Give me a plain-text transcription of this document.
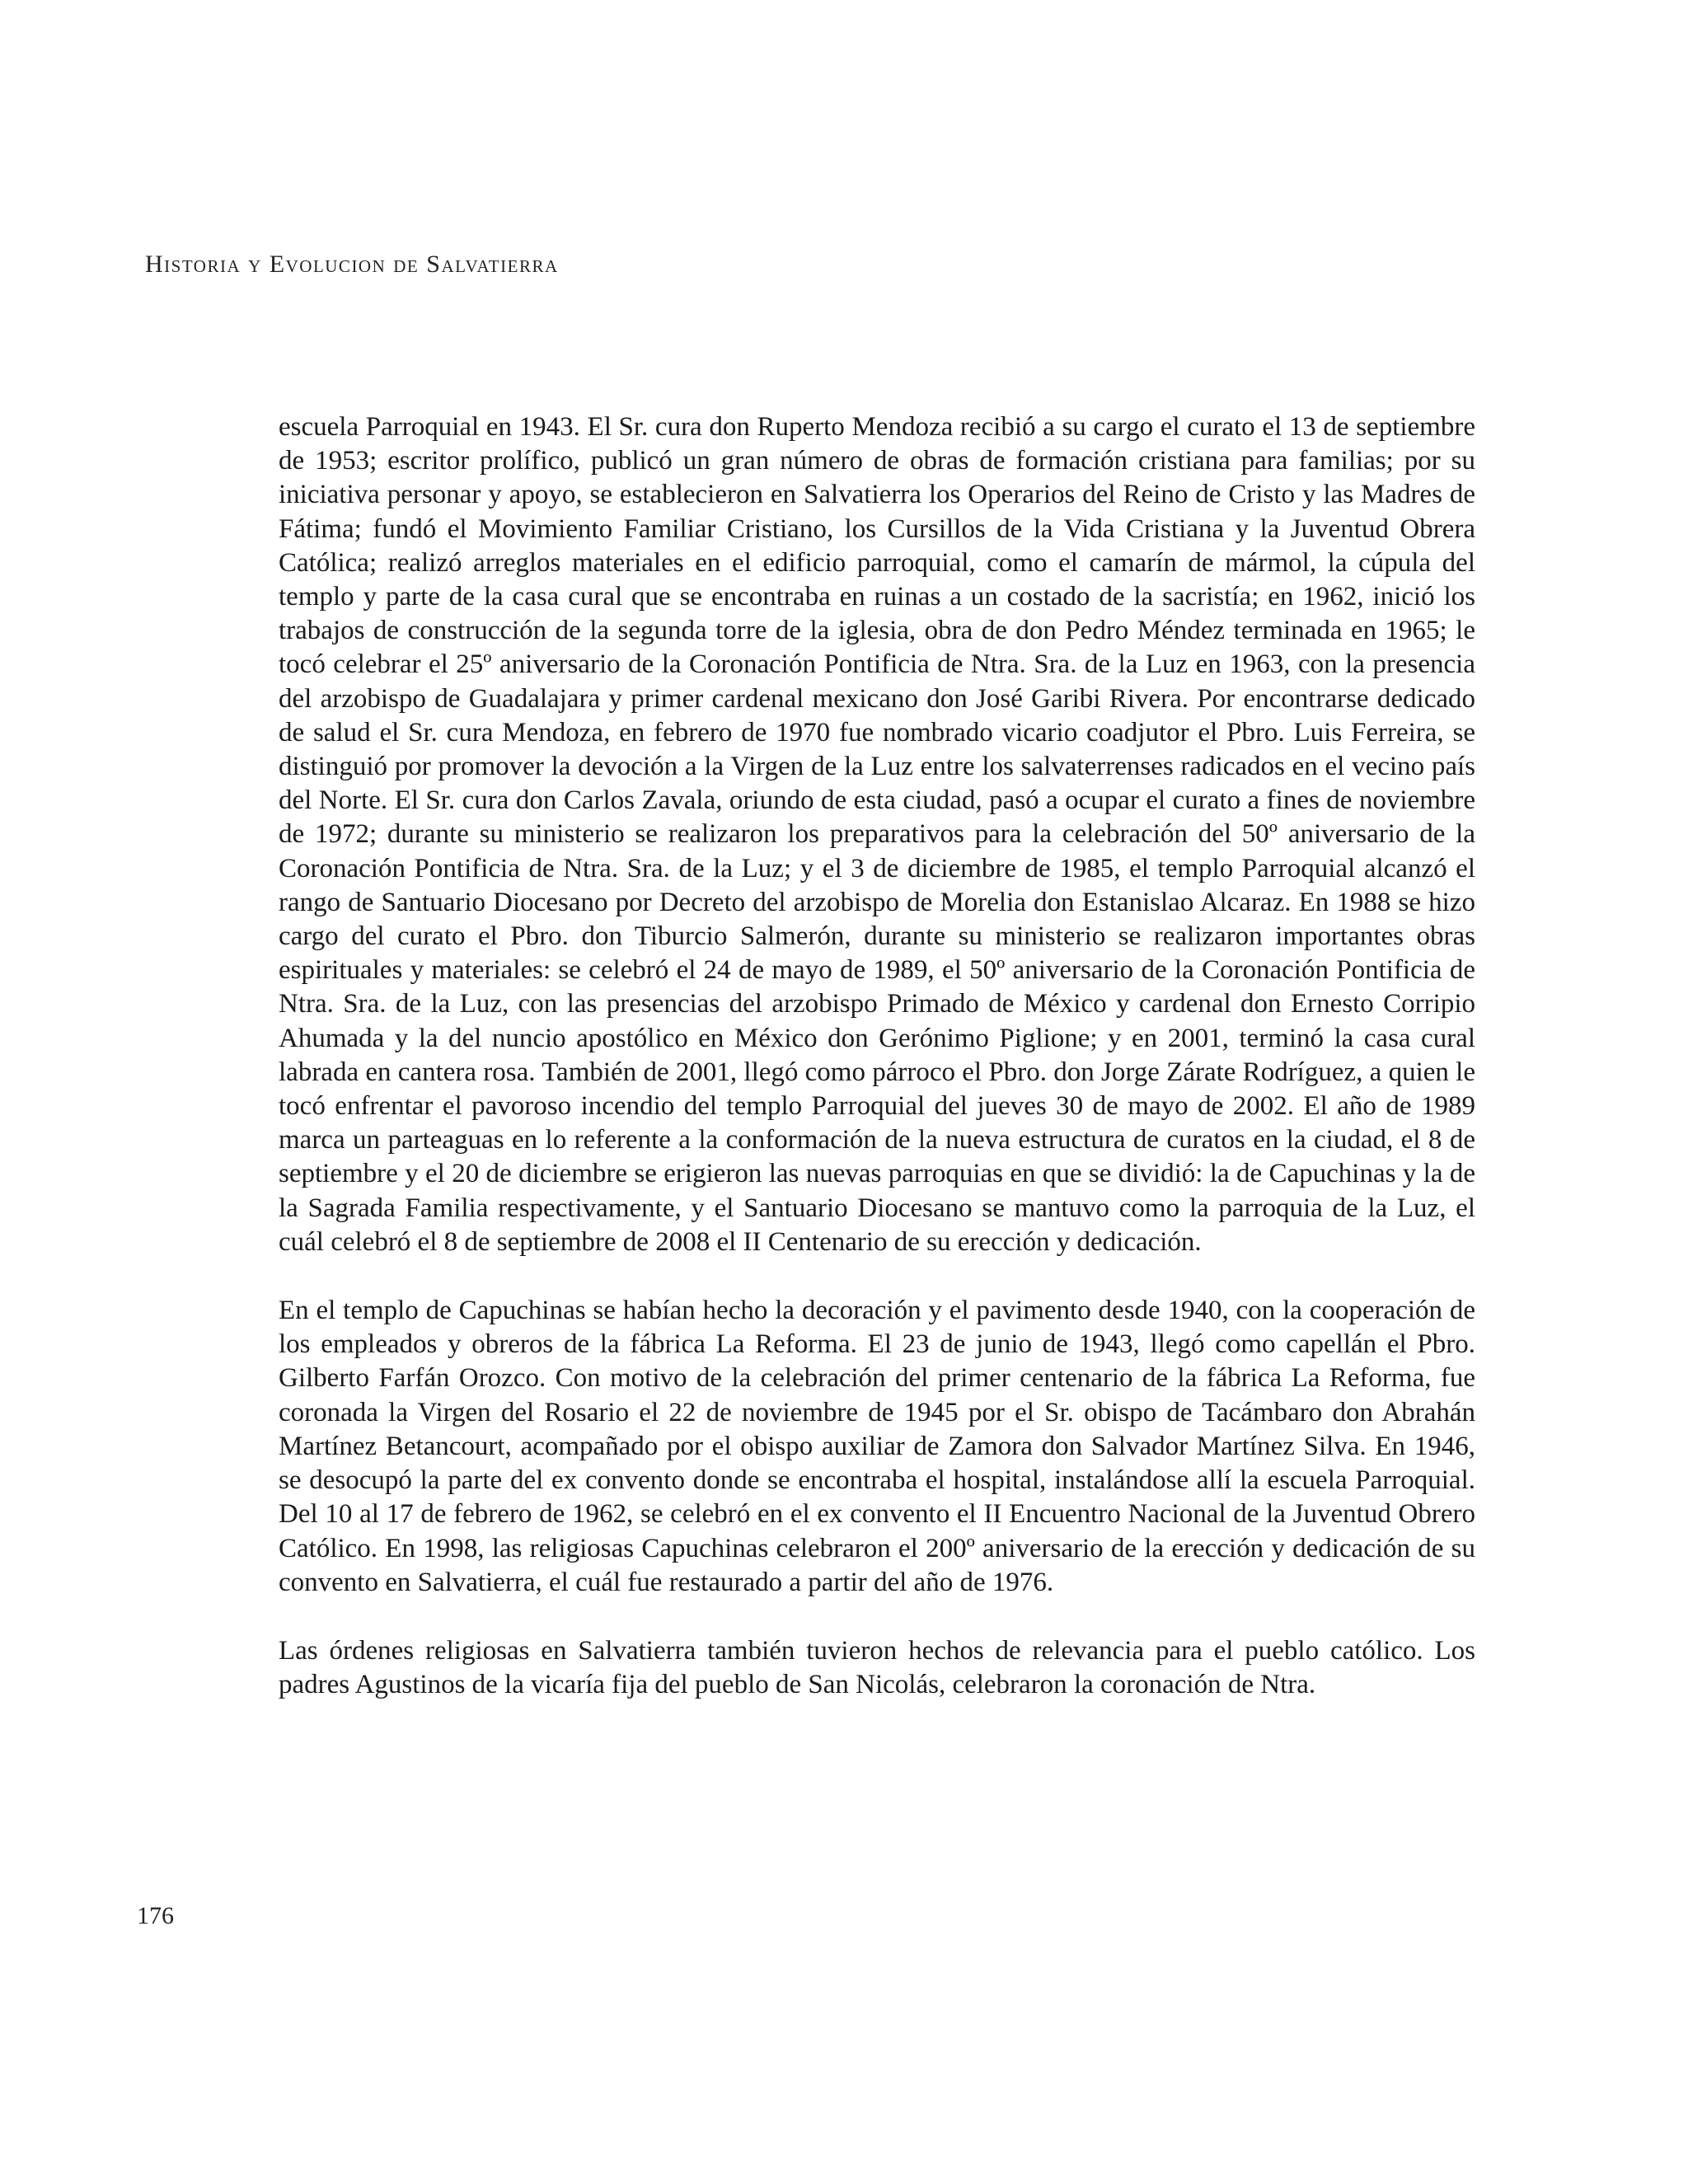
Historia y Evolucion de Salvatierra

escuela Parroquial en 1943. El Sr. cura don Ruperto Mendoza recibió a su cargo el curato el 13 de septiembre de 1953; escritor prolífico, publicó un gran número de obras de formación cristiana para familias; por su iniciativa personar y apoyo, se establecieron en Salvatierra los Operarios del Reino de Cristo y las Madres de Fátima; fundó el Movimiento Familiar Cristiano, los Cursillos de la Vida Cristiana y la Juventud Obrera Católica; realizó arreglos materiales en el edificio parroquial, como el camarín de mármol, la cúpula del templo y parte de la casa cural que se encontraba en ruinas a un costado de la sacristía; en 1962, inició los trabajos de construcción de la segunda torre de la iglesia, obra de don Pedro Méndez terminada en 1965; le tocó celebrar el 25º aniversario de la Coronación Pontificia de Ntra. Sra. de la Luz en 1963, con la presencia del arzobispo de Guadalajara y primer cardenal mexicano don José Garibi Rivera. Por encontrarse dedicado de salud el Sr. cura Mendoza, en febrero de 1970 fue nombrado vicario coadjutor el Pbro. Luis Ferreira, se distinguió por promover la devoción a la Virgen de la Luz entre los salvaterrenses radicados en el vecino país del Norte. El Sr. cura don Carlos Zavala, oriundo de esta ciudad, pasó a ocupar el curato a fines de noviembre de 1972; durante su ministerio se realizaron los preparativos para la celebración del 50º aniversario de la Coronación Pontificia de Ntra. Sra. de la Luz; y el 3 de diciembre de 1985, el templo Parroquial alcanzó el rango de Santuario Diocesano por Decreto del arzobispo de Morelia don Estanislao Alcaraz. En 1988 se hizo cargo del curato el Pbro. don Tiburcio Salmerón, durante su ministerio se realizaron importantes obras espirituales y materiales: se celebró el 24 de mayo de 1989, el 50º aniversario de la Coronación Pontificia de Ntra. Sra. de la Luz, con las presencias del arzobispo Primado de México y cardenal don Ernesto Corripio Ahumada y la del nuncio apostólico en México don Gerónimo Piglione; y en 2001, terminó la casa cural labrada en cantera rosa. También de 2001, llegó como párroco el Pbro. don Jorge Zárate Rodríguez, a quien le tocó enfrentar el pavoroso incendio del templo Parroquial del jueves 30 de mayo de 2002. El año de 1989 marca un parteaguas en lo referente a la conformación de la nueva estructura de curatos en la ciudad, el 8 de septiembre y el 20 de diciembre se erigieron las nuevas parroquias en que se dividió: la de Capuchinas y la de la Sagrada Familia respectivamente, y el Santuario Diocesano se mantuvo como la parroquia de la Luz, el cuál celebró el 8 de septiembre de 2008 el II Centenario de su erección y dedicación.

En el templo de Capuchinas se habían hecho la decoración y el pavimento desde 1940, con la cooperación de los empleados y obreros de la fábrica La Reforma. El 23 de junio de 1943, llegó como capellán el Pbro. Gilberto Farfán Orozco. Con motivo de la celebración del primer centenario de la fábrica La Reforma, fue coronada la Virgen del Rosario el 22 de noviembre de 1945 por el Sr. obispo de Tacámbaro don Abrahán Martínez Betancourt, acompañado por el obispo auxiliar de Zamora don Salvador Martínez Silva. En 1946, se desocupó la parte del ex convento donde se encontraba el hospital, instalándose allí la escuela Parroquial. Del 10 al 17 de febrero de 1962, se celebró en el ex convento el II Encuentro Nacional de la Juventud Obrero Católico. En 1998, las religiosas Capuchinas celebraron el 200º aniversario de la erección y dedicación de su convento en Salvatierra, el cuál fue restaurado a partir del año de 1976.

Las órdenes religiosas en Salvatierra también tuvieron hechos de relevancia para el pueblo católico. Los padres Agustinos de la vicaría fija del pueblo de San Nicolás, celebraron la coronación de Ntra.

176
